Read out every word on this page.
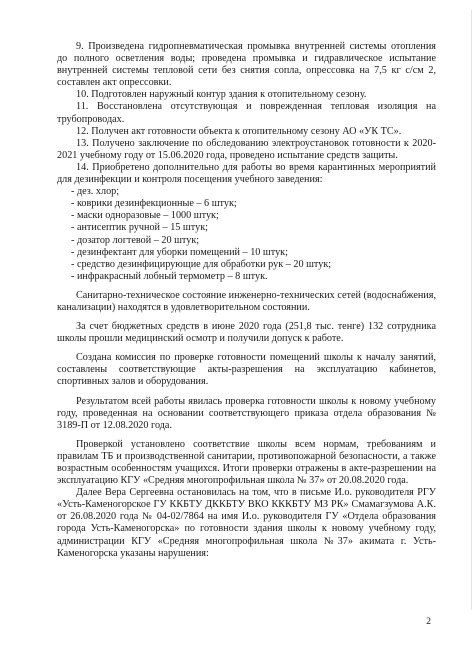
9. Произведена гидропневматическая промывка внутренней системы отопления до полного осветления воды; проведена промывка и гидравлическое испытание внутренней системы тепловой сети без снятия сопла, опрессовка на 7,5 кг с/см 2, составлен акт опрессовки.

10. Подготовлен наружный контур здания к отопительному сезону.

11. Восстановлена отсутствующая и поврежденная тепловая изоляция на трубопроводах.

12. Получен акт готовности объекта к отопительному сезону АО «УК ТС».

13. Получено заключение по обследованию электроустановок готовности к 2020-2021 учебному году от 15.06.2020 года, проведено испытание средств защиты.

14. Приобретено дополнительно для работы во время карантинных мероприятий для дезинфекции и контроля посещения учебного заведения:

- дез. хлор;
- коврики дезинфекционные – 6 штук;
- маски одноразовые – 1000 штук;
- антисептик ручной – 15 штук;
- дозатор логтевой – 20 штук;
- дезинфектант для уборки помещений – 10 штук;
- средство дезинфицирующие для обработки рук – 20 штук;
- инфракрасный лобный термометр – 8 штук.

Санитарно-техническое состояние инженерно-технических сетей (водоснабжения, канализации) находятся в удовлетворительном состоянии.

За счет бюджетных средств в июне 2020 года (251,8 тыс. тенге) 132 сотрудника школы прошли медицинский осмотр и получили допуск к работе.

Создана комиссия по проверке готовности помещений школы к началу занятий, составлены соответствующие акты-разрешения на эксплуатацию кабинетов, спортивных залов и оборудования.

Результатом всей работы явилась проверка готовности школы к новому учебному году, проведенная на основании соответствующего приказа отдела образования № 3189-П от 12.08.2020 года.

Проверкой установлено соответствие школы всем нормам, требованиям и правилам ТБ и производственной санитарии, противопожарной безопасности, а также возрастным особенностям учащихся. Итоги проверки отражены в акте-разрешении на эксплуатацию КГУ «Средняя многопрофильная школа № 37» от 20.08.2020 года.

Далее Вера Сергеевна остановилась на том, что в письме И.о. руководителя РГУ «Усть-Каменогорское ГУ ККБТУ ДККБТУ ВКО КККБТУ МЗ РК» Смамагзумова А.К. от 26.08.2020 года № 04-02/7864 на имя И.о. руководителя ГУ «Отдела образования города Усть-Каменогорска» по готовности здания школы к новому учебному году, администрации КГУ «Средняя многопрофильная школа №37» акимата г. Усть-Каменогорска указаны нарушения:

2
